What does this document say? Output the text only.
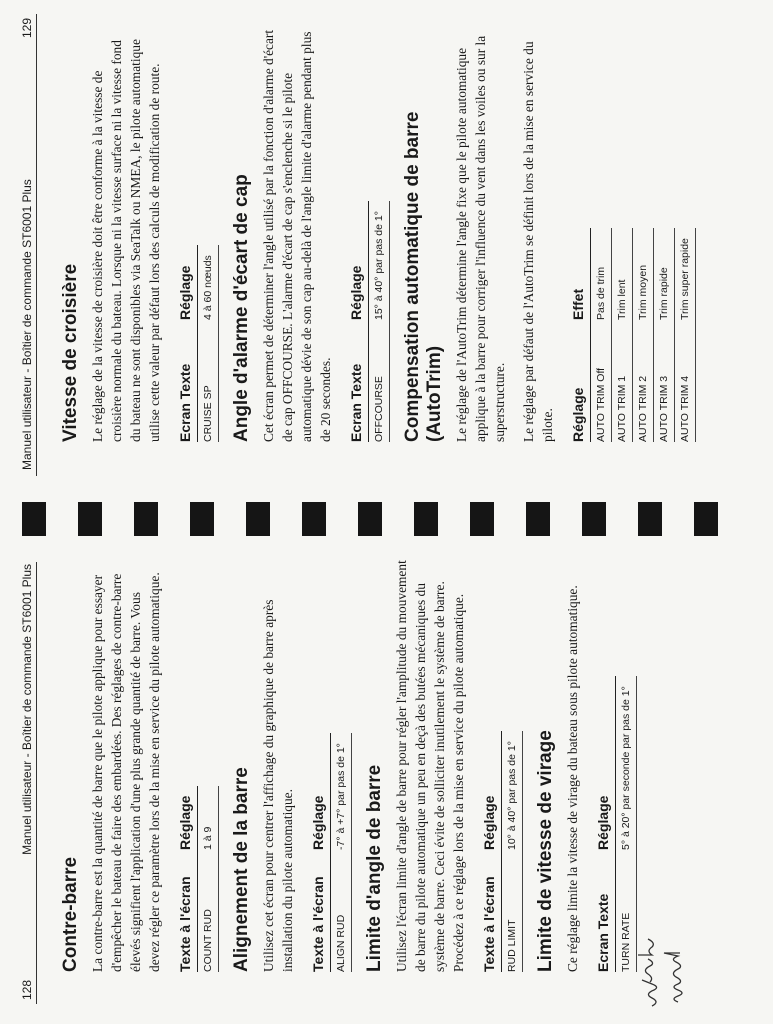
128
Manuel utilisateur - Boîtier de commande ST6001 Plus
Contre-barre La contre-barre est la quantité de barre que le pilote applique pour essayer d'empêcher le bateau de faire des embardées. Des réglages de contre-barre élevés signifient l'application d'une plus grande quantité de barre. Vous devez régler ce paramètre lors de la mise en service du pilote automatique. Texte à l'écran	Réglage
COUNT RUD	1 à 9 Alignement de la barre Utilisez cet écran pour centrer l'affichage du graphique de barre après installation du pilote automatique. Texte à l'écran	Réglage
ALIGN RUD	-7° à +7° par pas de 1° Limite d'angle de barre Utilisez l'écran limite d'angle de barre pour régler l'amplitude du mouvement de barre du pilote automatique un peu en deçà des butées mécaniques du système de barre. Ceci évite de solliciter inutilement le système de barre. Procédez à ce réglage lors de la mise en service du pilote automatique. Texte à l'écran	Réglage
RUD LIMIT	10° à 40° par pas de 1° Limite de vitesse de virage Ce réglage limite la vitesse de virage du bateau sous pilote automatique. Ecran Texte	Réglage
TURN RATE	5° à 20° par seconde par pas de 1°
Manuel utilisateur - Boîtier de commande ST6001 Plus
129
Vitesse de croisière Le réglage de la vitesse de croisière doit être conforme à la vitesse de croisière normale du bateau. Lorsque ni la vitesse surface ni la vitesse fond du bateau ne sont disponibles via SeaTalk ou NMEA, le pilote automatique utilise cette valeur par défaut lors des calculs de modification de route. Ecran Texte	Réglage
CRUISE SP	4 à 60 nœuds Angle d'alarme d'écart de cap Cet écran permet de déterminer l'angle utilisé par la fonction d'alarme d'écart de cap OFFCOURSE. L'alarme d'écart de cap s'enclenche si le pilote automatique dévie de son cap au-delà de l'angle limite d'alarme pendant plus de 20 secondes. Ecran Texte	Réglage
OFFCOURSE	15° à 40° par pas de 1° Compensation automatique de barre (AutoTrim) Le réglage de l'AutoTrim détermine l'angle fixe que le pilote automatique applique à la barre pour corriger l'influence du vent dans les voiles ou sur la superstructure. Le réglage par défaut de l'AutoTrim se définit lors de la mise en service du pilote. Réglage	Effet
AUTO TRIM Off	Pas de trim
AUTO TRIM 1	Trim lent
AUTO TRIM 2	Trim moyen
AUTO TRIM 3	Trim rapide
AUTO TRIM 4	Trim super rapide
